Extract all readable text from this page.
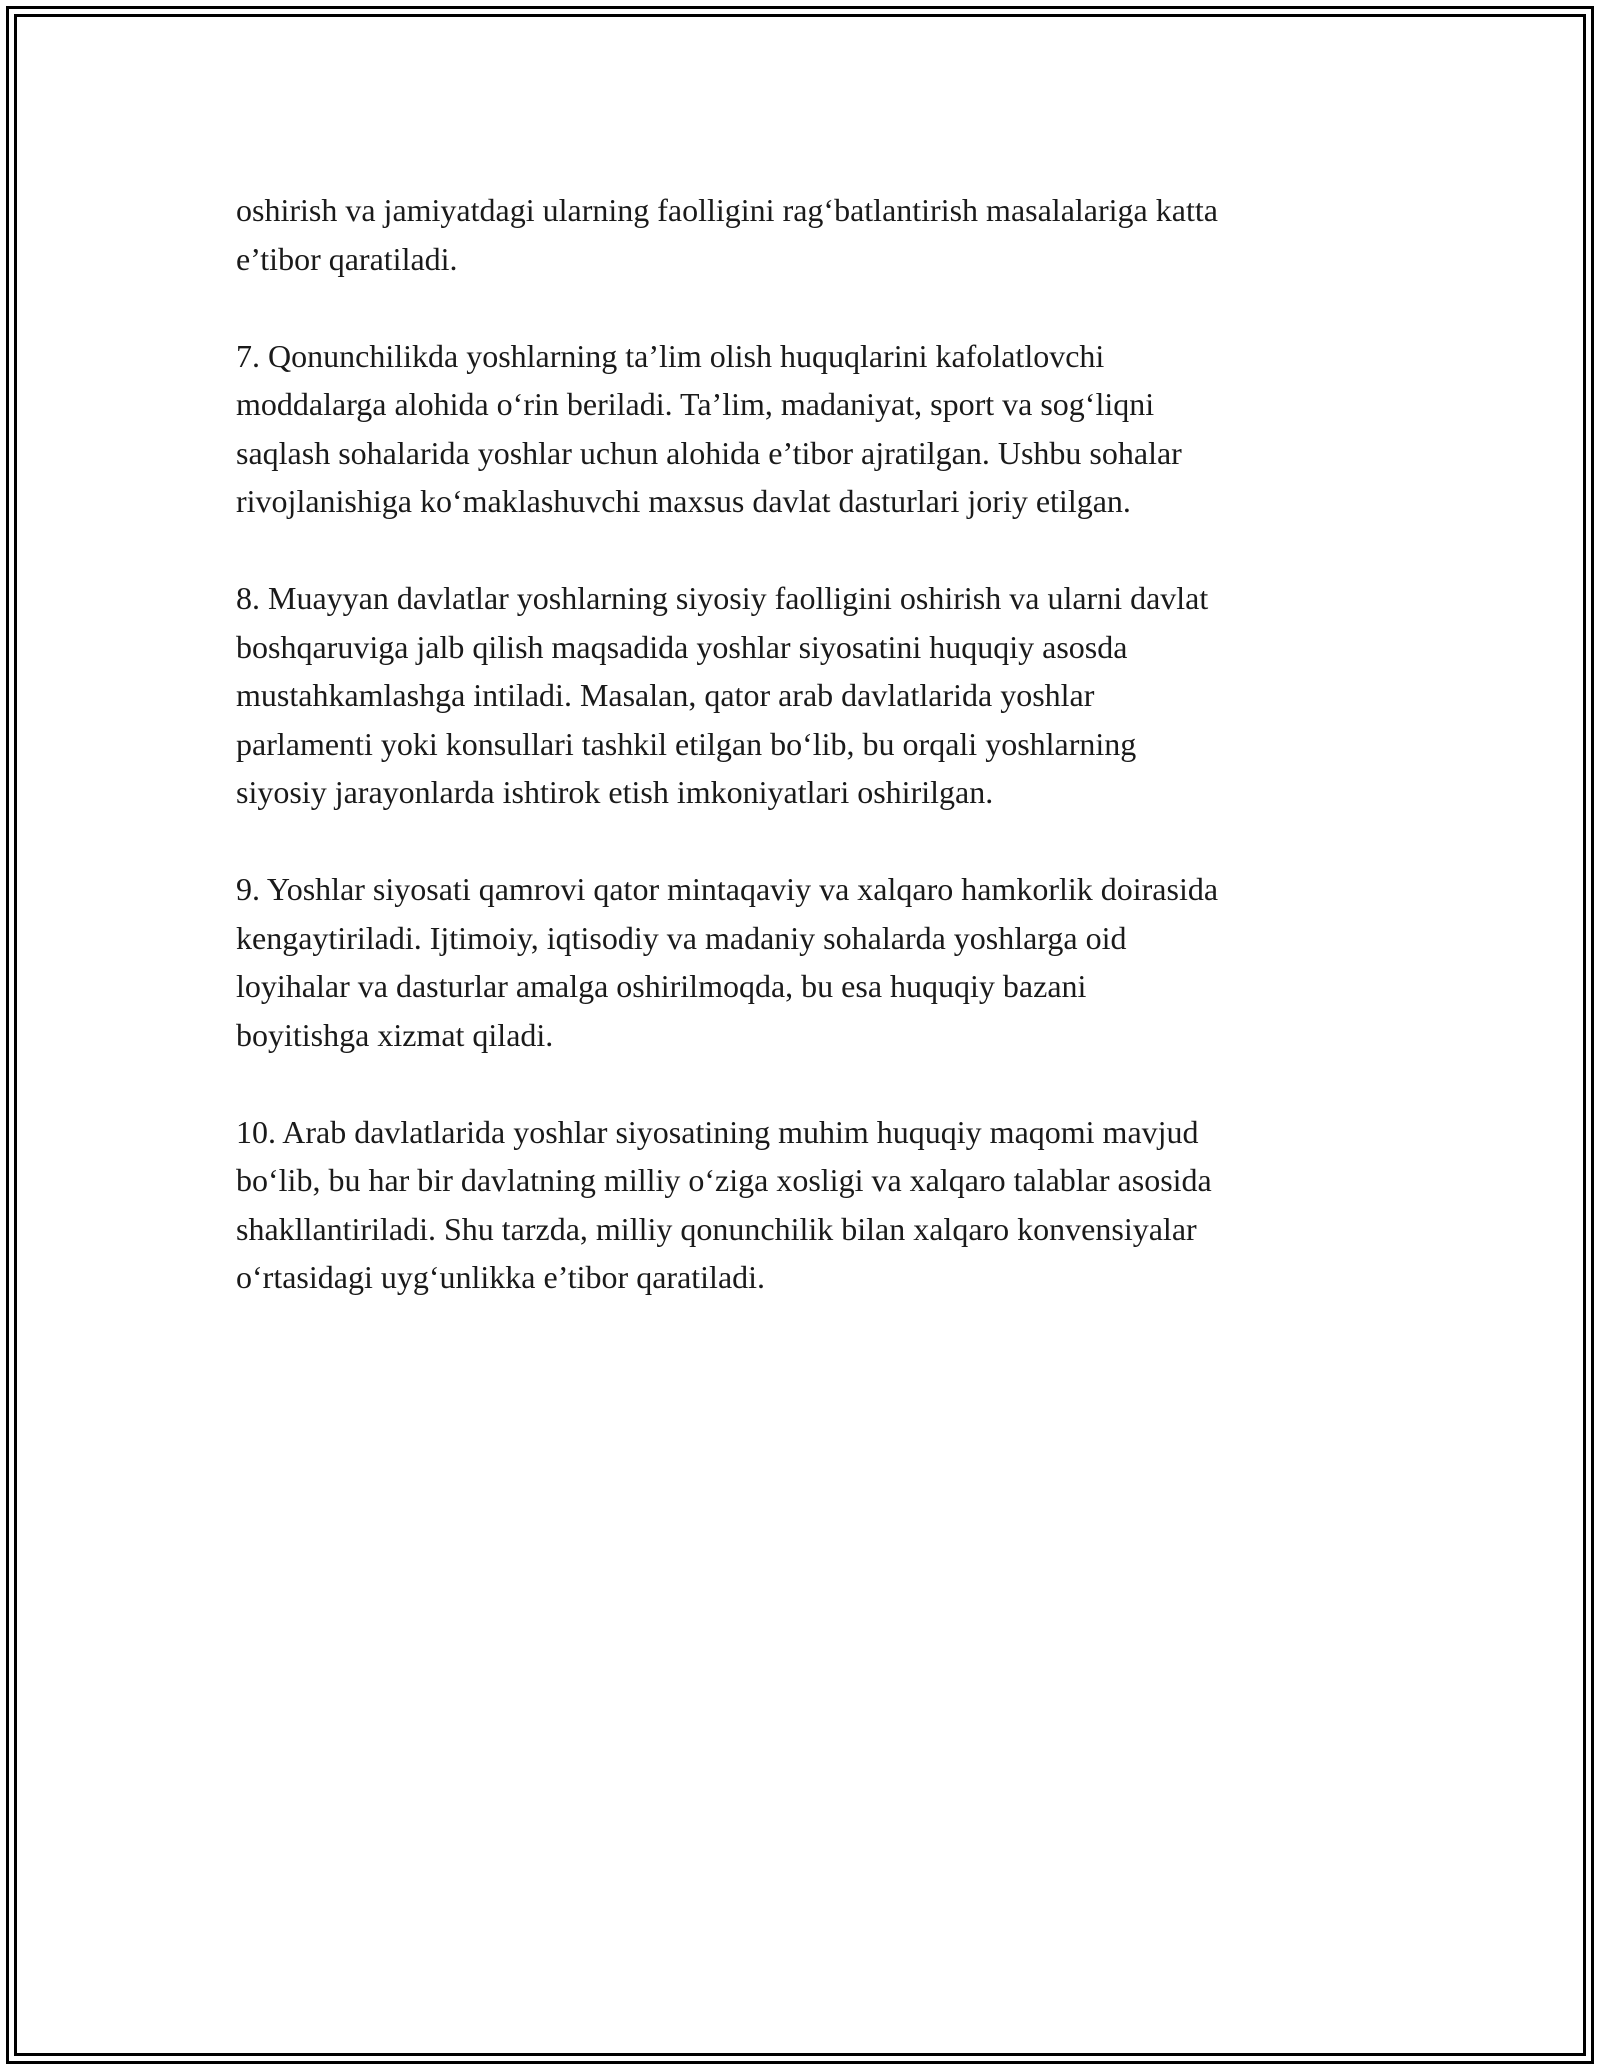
oshirish va jamiyatdagi ularning faolligini rag‘batlantirish masalalariga katta
e’tibor qaratiladi.

7. Qonunchilikda yoshlarning ta’lim olish huquqlarini kafolatlovchi
moddalarga alohida o‘rin beriladi. Ta’lim, madaniyat, sport va sog‘liqni
saqlash sohalarida yoshlar uchun alohida e’tibor ajratilgan. Ushbu sohalar
rivojlanishiga ko‘maklashuvchi maxsus davlat dasturlari joriy etilgan.

8. Muayyan davlatlar yoshlarning siyosiy faolligini oshirish va ularni davlat
boshqaruviga jalb qilish maqsadida yoshlar siyosatini huquqiy asosda
mustahkamlashga intiladi. Masalan, qator arab davlatlarida yoshlar
parlamenti yoki konsullari tashkil etilgan bo‘lib, bu orqali yoshlarning
siyosiy jarayonlarda ishtirok etish imkoniyatlari oshirilgan.

9. Yoshlar siyosati qamrovi qator mintaqaviy va xalqaro hamkorlik doirasida
kengaytiriladi. Ijtimoiy, iqtisodiy va madaniy sohalarda yoshlarga oid
loyihalar va dasturlar amalga oshirilmoqda, bu esa huquqiy bazani
boyitishga xizmat qiladi.

10. Arab davlatlarida yoshlar siyosatining muhim huquqiy maqomi mavjud
bo‘lib, bu har bir davlatning milliy o‘ziga xosligi va xalqaro talablar asosida
shakllantiriladi. Shu tarzda, milliy qonunchilik bilan xalqaro konvensiyalar
o‘rtasidagi uyg‘unlikka e’tibor qaratiladi.
